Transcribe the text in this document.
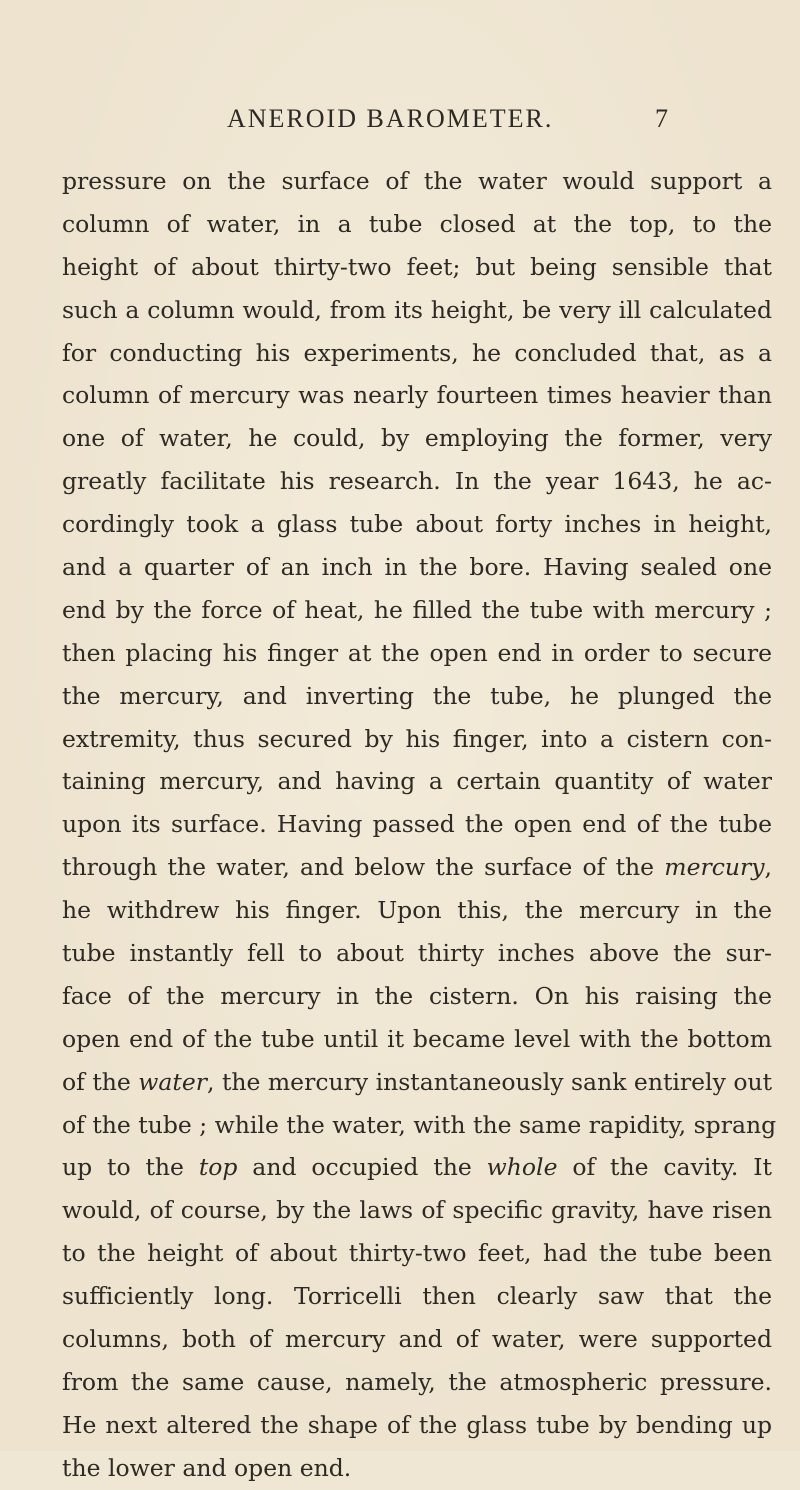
ANEROID BAROMETER.	7
pressure on the surface of the water would support a
column of water, in a tube closed at the top, to the
height of about thirty-two feet; but being sensible that
such a column would, from its height, be very ill calculated
for conducting his experiments, he concluded that, as a
column of mercury was nearly fourteen times heavier than
one of water, he could, by employing the former, very
greatly facilitate his research. In the year 1643, he ac-
cordingly took a glass tube about forty inches in height,
and a quarter of an inch in the bore. Having sealed one
end by the force of heat, he filled the tube with mercury ;
then placing his finger at the open end in order to secure
the mercury, and inverting the tube, he plunged the
extremity, thus secured by his finger, into a cistern con-
taining mercury, and having a certain quantity of water
upon its surface. Having passed the open end of the tube
through the water, and below the surface of the mercury,
he withdrew his finger. Upon this, the mercury in the
tube instantly fell to about thirty inches above the sur-
face of the mercury in the cistern. On his raising the
open end of the tube until it became level with the bottom
of the water, the mercury instantaneously sank entirely out
of the tube ; while the water, with the same rapidity, sprang
up to the top and occupied the whole of the cavity. It
would, of course, by the laws of specific gravity, have risen
to the height of about thirty-two feet, had the tube been
sufficiently long. Torricelli then clearly saw that the
columns, both of mercury and of water, were supported
from the same cause, namely, the atmospheric pressure.
He next altered the shape of the glass tube by bending up
the lower and open end.
